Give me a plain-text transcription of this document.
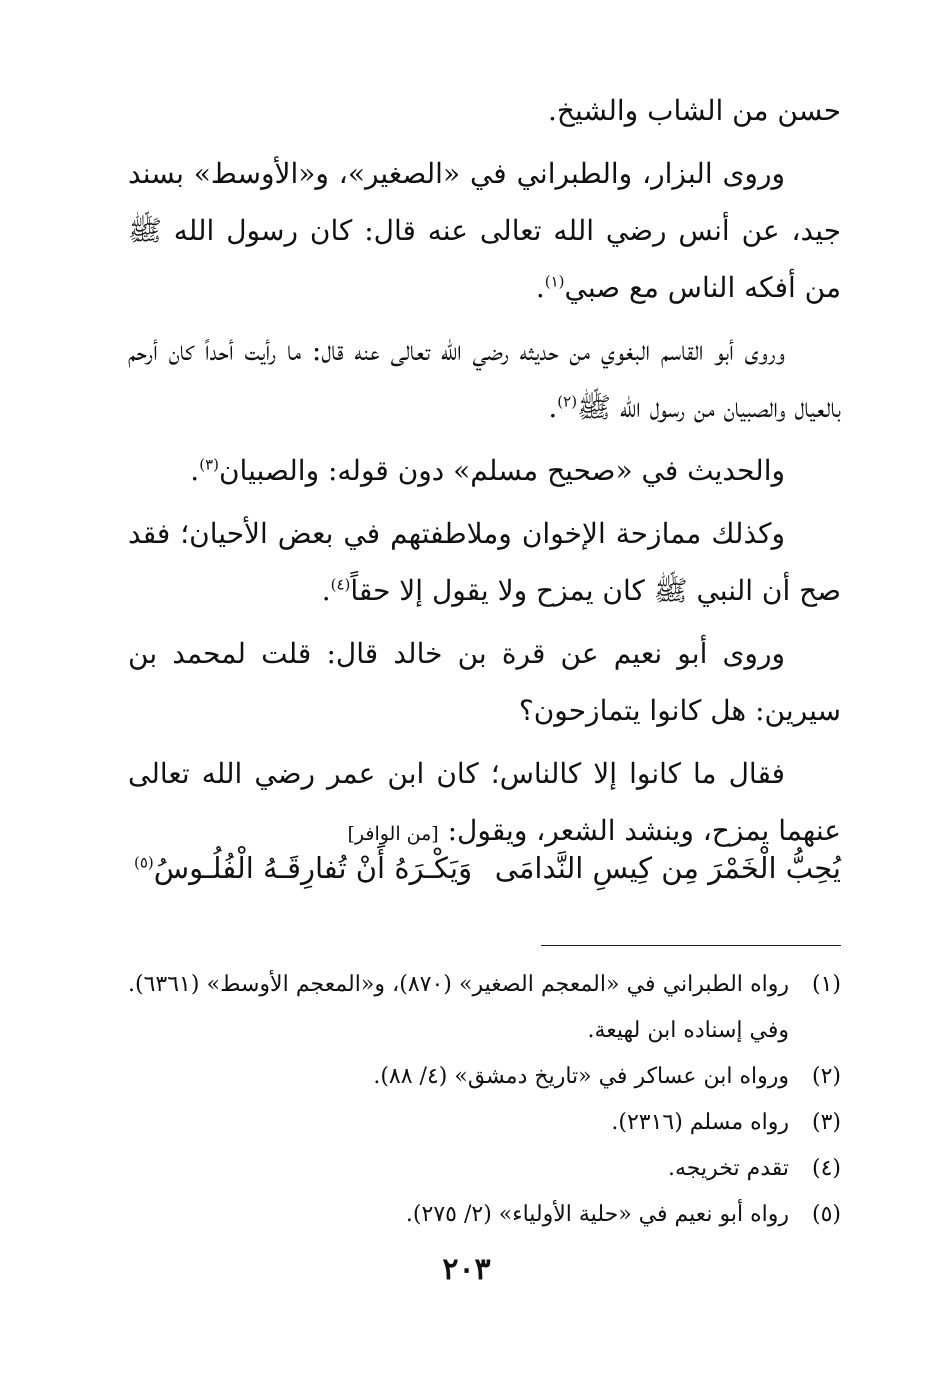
حسن من الشاب والشيخ.

وروى البزار، والطبراني في «الصغير»، و«الأوسط» بسند جيد، عن أنس رضي الله تعالى عنه قال: كان رسول الله ﷺ من أفكه الناس مع صبي$^{(١)}$.

وروى أبو القاسم البغوي من حديثه رضي الله تعالى عنه قال: ما رأيت أحداً كان أرحم بالعيال والصبيان من رسول الله ﷺ$^{(٢)}$.

والحديث في «صحيح مسلم» دون قوله: والصبيان$^{(٣)}$.

وكذلك ممازحة الإخوان وملاطفتهم في بعض الأحيان؛ فقد صح أن النبي ﷺ كان يمزح ولا يقول إلا حقاً$^{(٤)}$.

وروى أبو نعيم عن قرة بن خالد قال: قلت لمحمد بن سيرين: هل كانوا يتمازحون؟

فقال ما كانوا إلا كالناس؛ كان ابن عمر رضي الله تعالى عنهما يمزح، وينشد الشعر، ويقول: [من الوافر]

يُحِبُّ الْخَمْرَ مِن كِيسِ النَّدامَى
وَيَكْـرَهُ أَنْ تُفارِقَـهُ الْفُلُـوسُ$^{(٥)}$
(١)
رواه الطبراني في «المعجم الصغير» (٨٧٠)، و«المعجم الأوسط» (٦٣٦١). وفي إسناده ابن لهيعة.
(٢)
ورواه ابن عساكر في «تاريخ دمشق» (٤/ ٨٨).
(٣)
رواه مسلم (٢٣١٦).
(٤)
تقدم تخريجه.
(٥)
رواه أبو نعيم في «حلية الأولياء» (٢/ ٢٧٥).
٢٠٣
